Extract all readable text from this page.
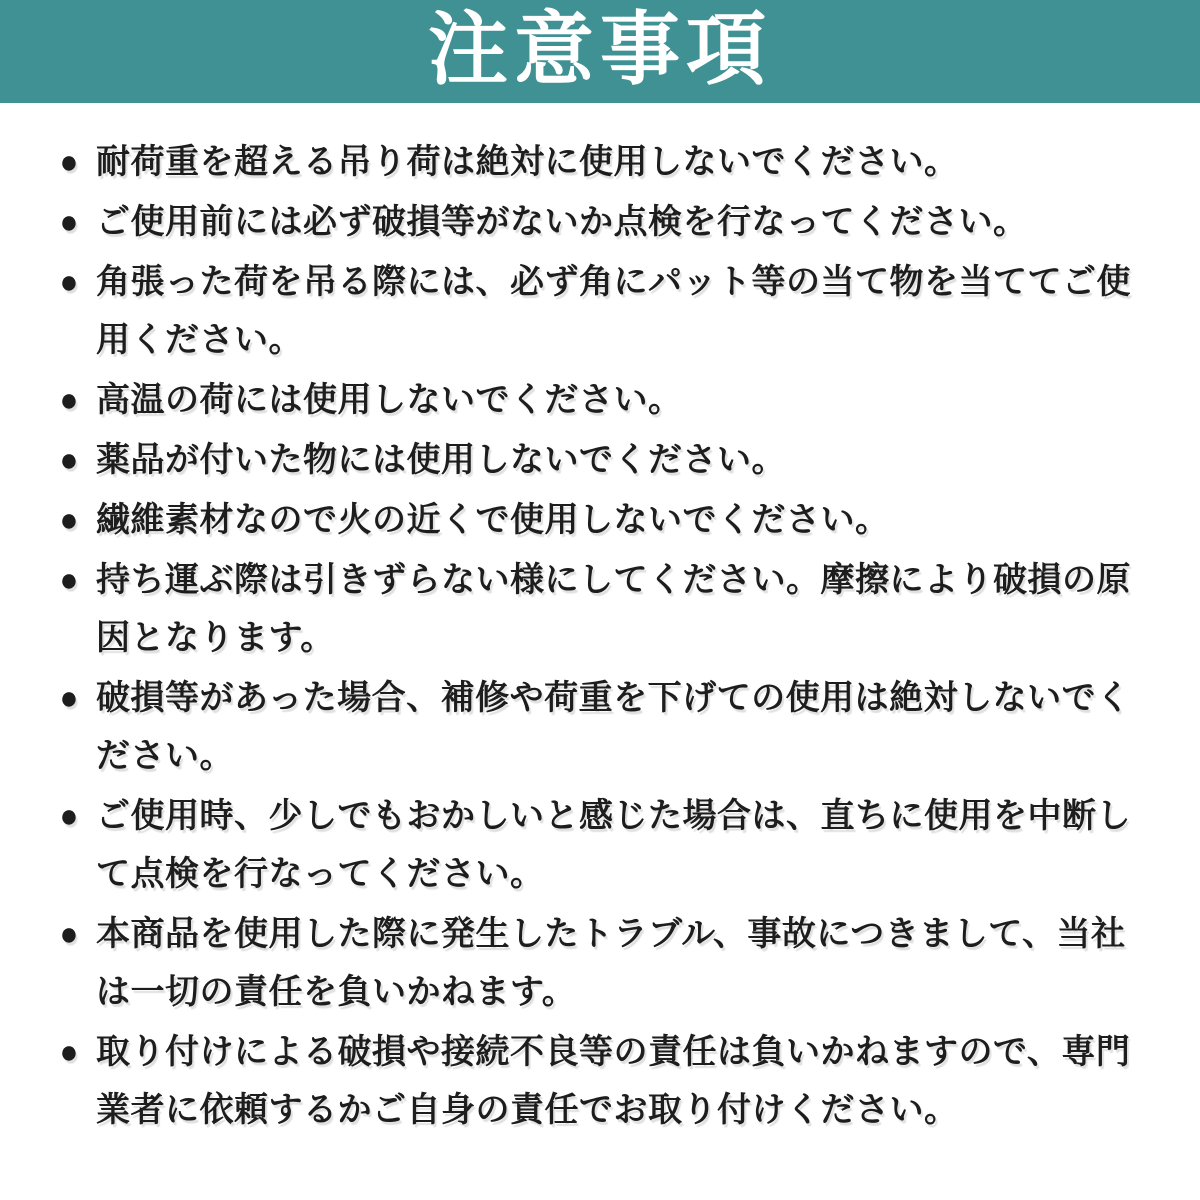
注意事項
● 耐荷重を超える吊り荷は絶対に使用しないでください。
● ご使用前には必ず破損等がないか点検を行なってください。
● 角張った荷を吊る際には、必ず角にパット等の当て物を当ててご使用ください。
● 高温の荷には使用しないでください。
● 薬品が付いた物には使用しないでください。
● 繊維素材なので火の近くで使用しないでください。
● 持ち運ぶ際は引きずらない様にしてください。摩擦により破損の原因となります。
● 破損等があった場合、補修や荷重を下げての使用は絶対しないでください。
● ご使用時、少しでもおかしいと感じた場合は、直ちに使用を中断して点検を行なってください。
● 本商品を使用した際に発生したトラブル、事故につきまして、当社は一切の責任を負いかねます。
● 取り付けによる破損や接続不良等の責任は負いかねますので、専門業者に依頼するかご自身の責任でお取り付けください。
